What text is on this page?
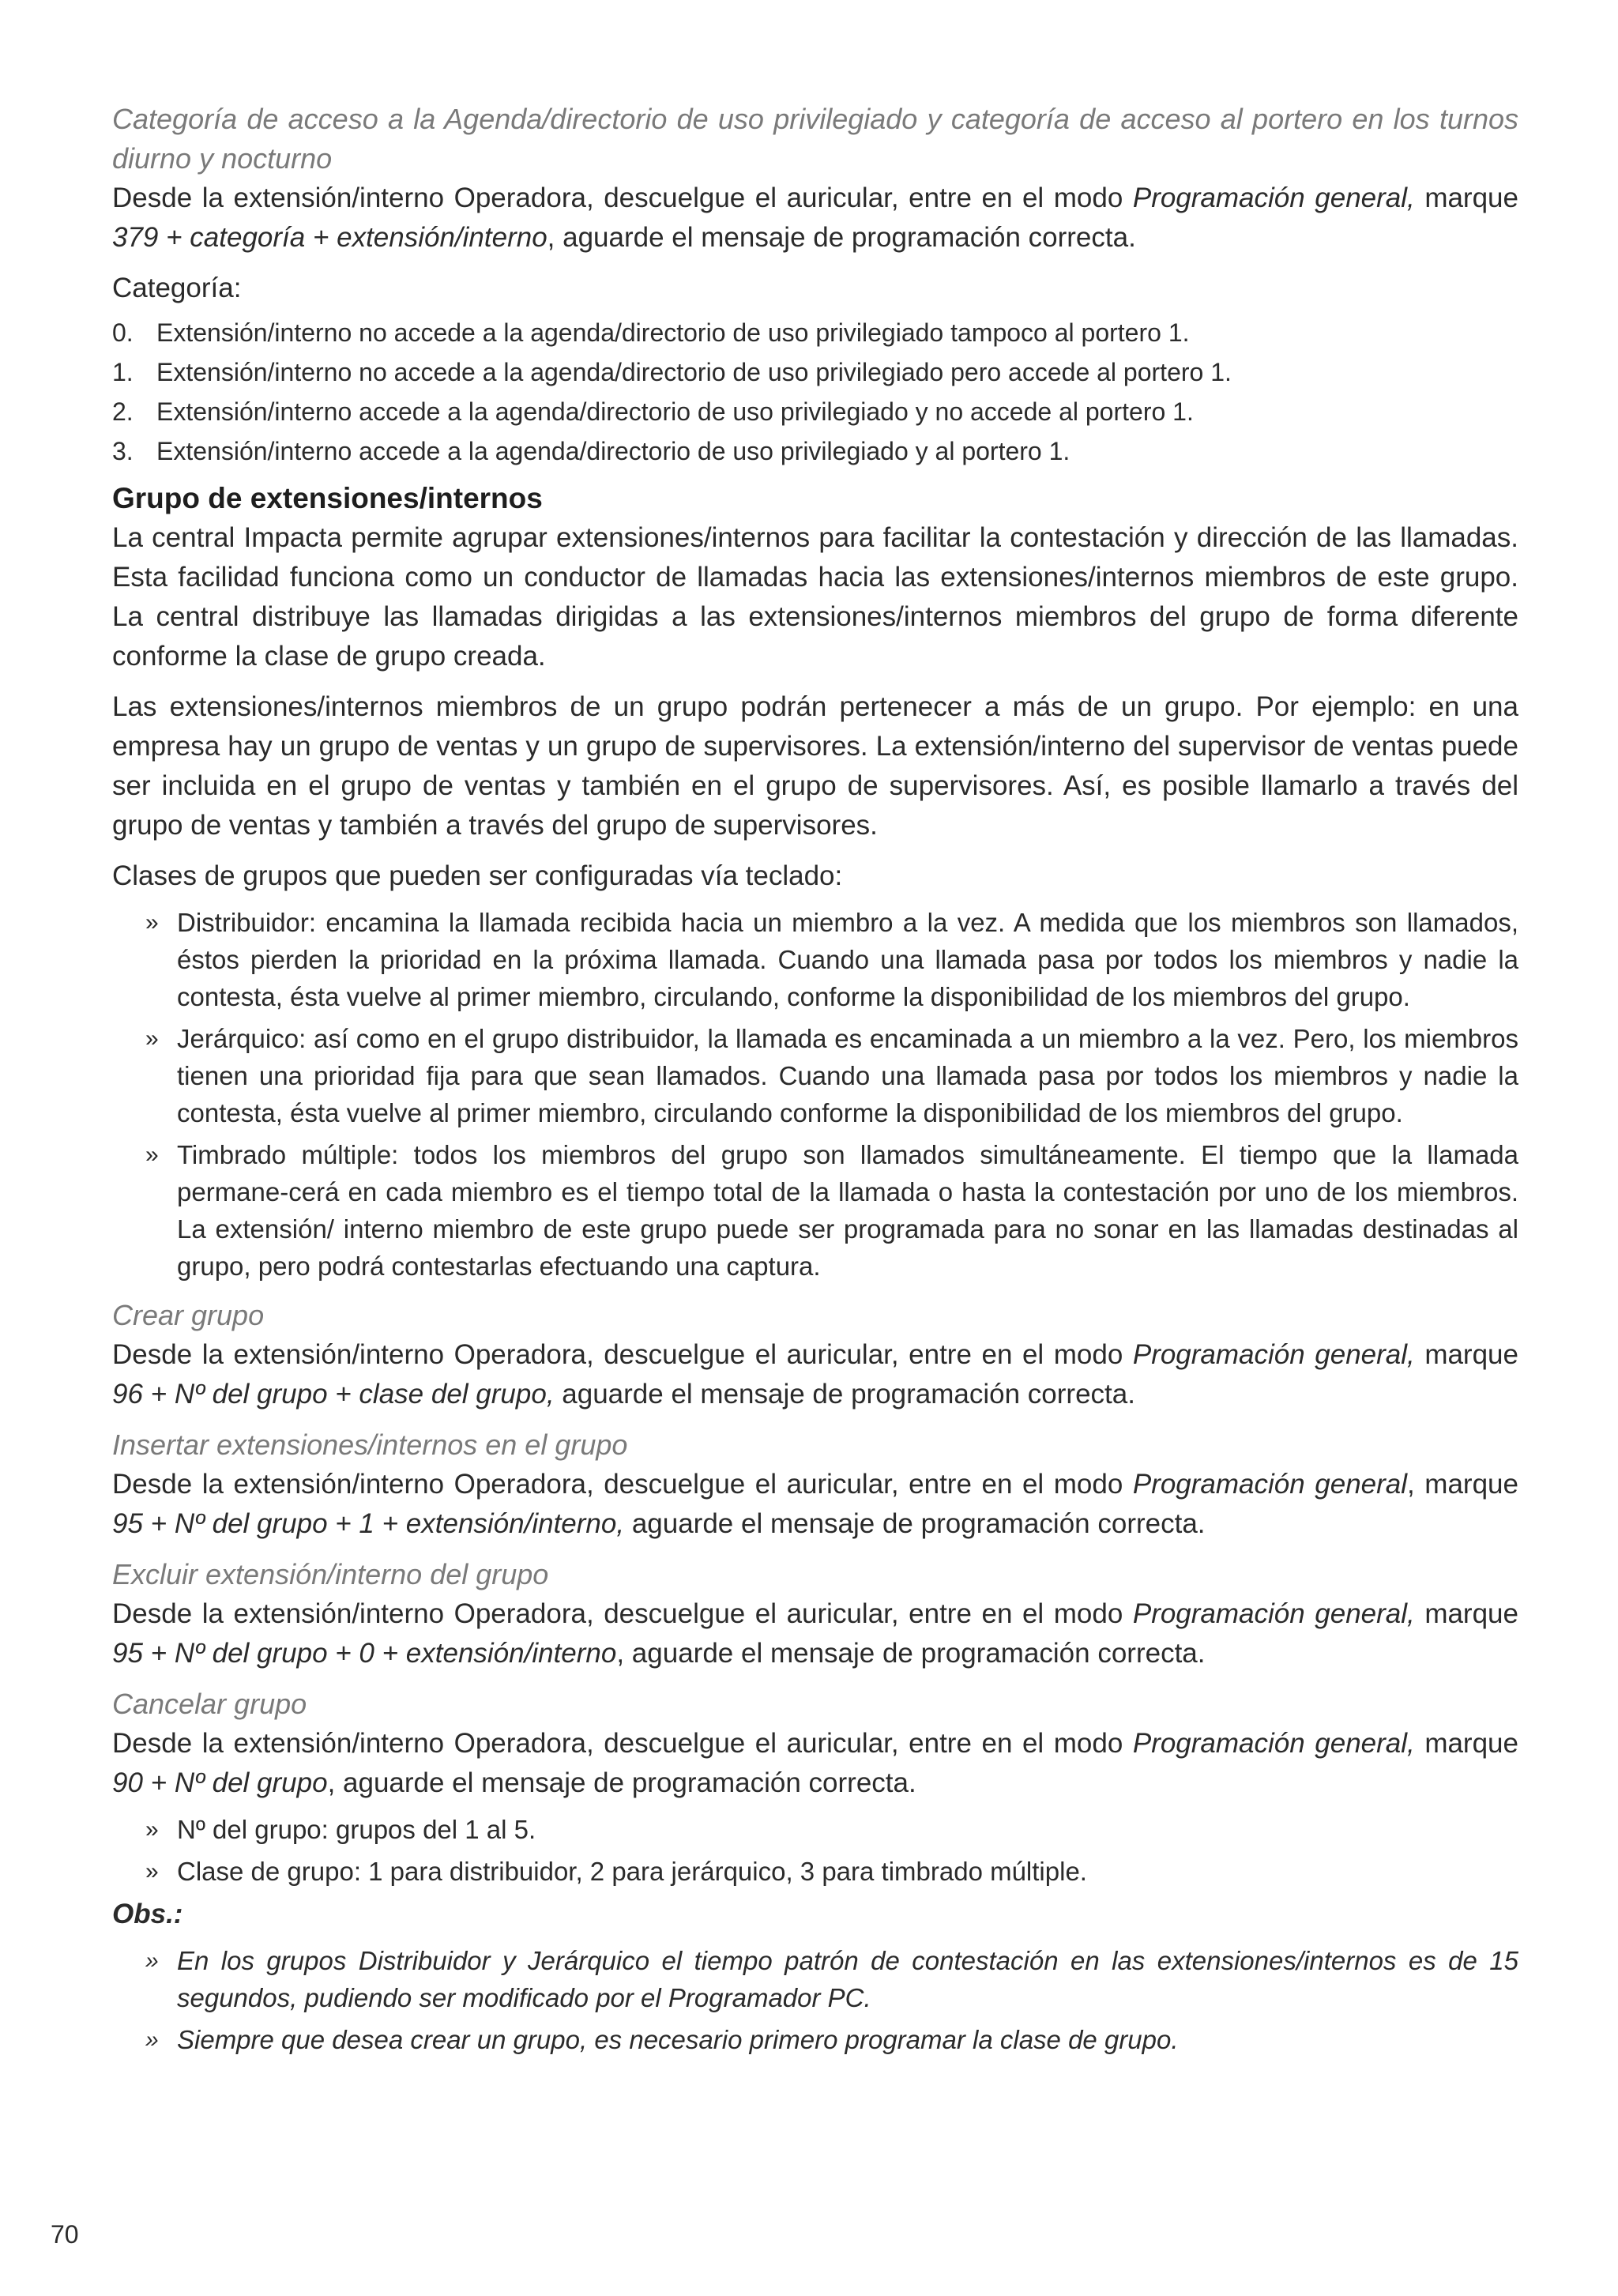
Categoría de acceso a la Agenda/directorio de uso privilegiado y categoría de acceso al portero en los turnos diurno y nocturno

Desde la extensión/interno Operadora, descuelgue el auricular, entre en el modo Programación general, marque 379 + categoría + extensión/interno, aguarde el mensaje de programación correcta.

Categoría:

0. Extensión/interno no accede a la agenda/directorio de uso privilegiado tampoco al portero 1.
1. Extensión/interno no accede a la agenda/directorio de uso privilegiado pero accede al portero 1.
2. Extensión/interno accede a la agenda/directorio de uso privilegiado y no accede al portero 1.
3. Extensión/interno accede a la agenda/directorio de uso privilegiado y al portero 1.

Grupo de extensiones/internos

La central Impacta permite agrupar extensiones/internos para facilitar la contestación y dirección de las llamadas. Esta facilidad funciona como un conductor de llamadas hacia las extensiones/internos miembros de este grupo. La central distribuye las llamadas dirigidas a las extensiones/internos miembros del grupo de forma diferente conforme la clase de grupo creada.

Las extensiones/internos miembros de un grupo podrán pertenecer a más de un grupo. Por ejemplo: en una empresa hay un grupo de ventas y un grupo de supervisores. La extensión/interno del supervisor de ventas puede ser incluida en el grupo de ventas y también en el grupo de supervisores. Así, es posible llamarlo a través del grupo de ventas y también a través del grupo de supervisores.

Clases de grupos que pueden ser configuradas vía teclado:

» Distribuidor: encamina la llamada recibida hacia un miembro a la vez. A medida que los miembros son llamados, éstos pierden la prioridad en la próxima llamada. Cuando una llamada pasa por todos los miembros y nadie la contesta, ésta vuelve al primer miembro, circulando, conforme la disponibilidad de los miembros del grupo.
» Jerárquico: así como en el grupo distribuidor, la llamada es encaminada a un miembro a la vez. Pero, los miembros tienen una prioridad fija para que sean llamados. Cuando una llamada pasa por todos los miembros y nadie la contesta, ésta vuelve al primer miembro, circulando conforme la disponibilidad de los miembros del grupo.
» Timbrado múltiple: todos los miembros del grupo son llamados simultáneamente. El tiempo que la llamada permane-cerá en cada miembro es el tiempo total de la llamada o hasta la contestación por uno de los miembros. La extensión/ interno miembro de este grupo puede ser programada para no sonar en las llamadas destinadas al grupo, pero podrá contestarlas efectuando una captura.

Crear grupo

Desde la extensión/interno Operadora, descuelgue el auricular, entre en el modo Programación general, marque 96 + Nº del grupo + clase del grupo, aguarde el mensaje de programación correcta.

Insertar extensiones/internos en el grupo

Desde la extensión/interno Operadora, descuelgue el auricular, entre en el modo Programación general, marque 95 + Nº del grupo + 1 + extensión/interno, aguarde el mensaje de programación correcta.

Excluir extensión/interno del grupo

Desde la extensión/interno Operadora, descuelgue el auricular, entre en el modo Programación general, marque 95 + Nº del grupo + 0 + extensión/interno, aguarde el mensaje de programación correcta.

Cancelar grupo

Desde la extensión/interno Operadora, descuelgue el auricular, entre en el modo Programación general, marque 90 + Nº del grupo, aguarde el mensaje de programación correcta.

» Nº del grupo: grupos del 1 al 5.
» Clase de grupo: 1 para distribuidor, 2 para jerárquico, 3 para timbrado múltiple.

Obs.:

» En los grupos Distribuidor y Jerárquico el tiempo patrón de contestación en las extensiones/internos es de 15 segundos, pudiendo ser modificado por el Programador PC.
» Siempre que desea crear un grupo, es necesario primero programar la clase de grupo.
70
